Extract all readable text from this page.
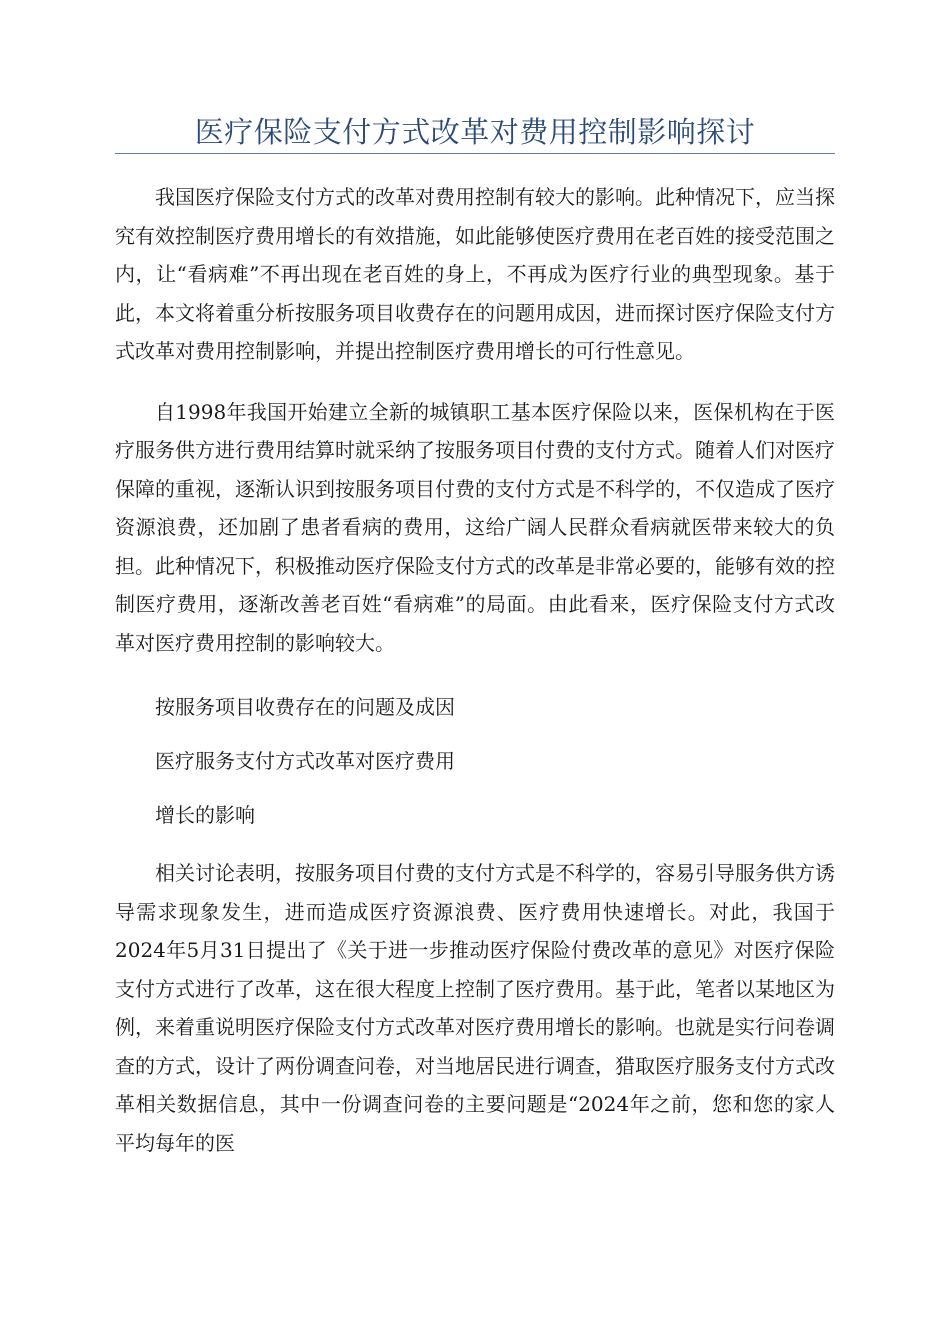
医疗保险支付方式改革对费用控制影响探讨

我国医疗保险支付方式的改革对费用控制有较大的影响。此种情况下，应当探究有效控制医疗费用增长的有效措施，如此能够使医疗费用在老百姓的接受范围之内，让“看病难”不再出现在老百姓的身上，不再成为医疗行业的典型现象。基于此，本文将着重分析按服务项目收费存在的问题用成因，进而探讨医疗保险支付方式改革对费用控制影响，并提出控制医疗费用增长的可行性意见。

自1998年我国开始建立全新的城镇职工基本医疗保险以来，医保机构在于医疗服务供方进行费用结算时就采纳了按服务项目付费的支付方式。随着人们对医疗保障的重视，逐渐认识到按服务项目付费的支付方式是不科学的，不仅造成了医疗资源浪费，还加剧了患者看病的费用，这给广阔人民群众看病就医带来较大的负担。此种情况下，积极推动医疗保险支付方式的改革是非常必要的，能够有效的控制医疗费用，逐渐改善老百姓“看病难”的局面。由此看来，医疗保险支付方式改革对医疗费用控制的影响较大。

按服务项目收费存在的问题及成因

医疗服务支付方式改革对医疗费用

增长的影响

相关讨论表明，按服务项目付费的支付方式是不科学的，容易引导服务供方诱导需求现象发生，进而造成医疗资源浪费、医疗费用快速增长。对此，我国于2024年5月31日提出了《关于进一步推动医疗保险付费改革的意见》对医疗保险支付方式进行了改革，这在很大程度上控制了医疗费用。基于此，笔者以某地区为例，来着重说明医疗保险支付方式改革对医疗费用增长的影响。也就是实行问卷调查的方式，设计了两份调查问卷，对当地居民进行调查，猎取医疗服务支付方式改革相关数据信息，其中一份调查问卷的主要问题是“2024年之前，您和您的家人平均每年的医
